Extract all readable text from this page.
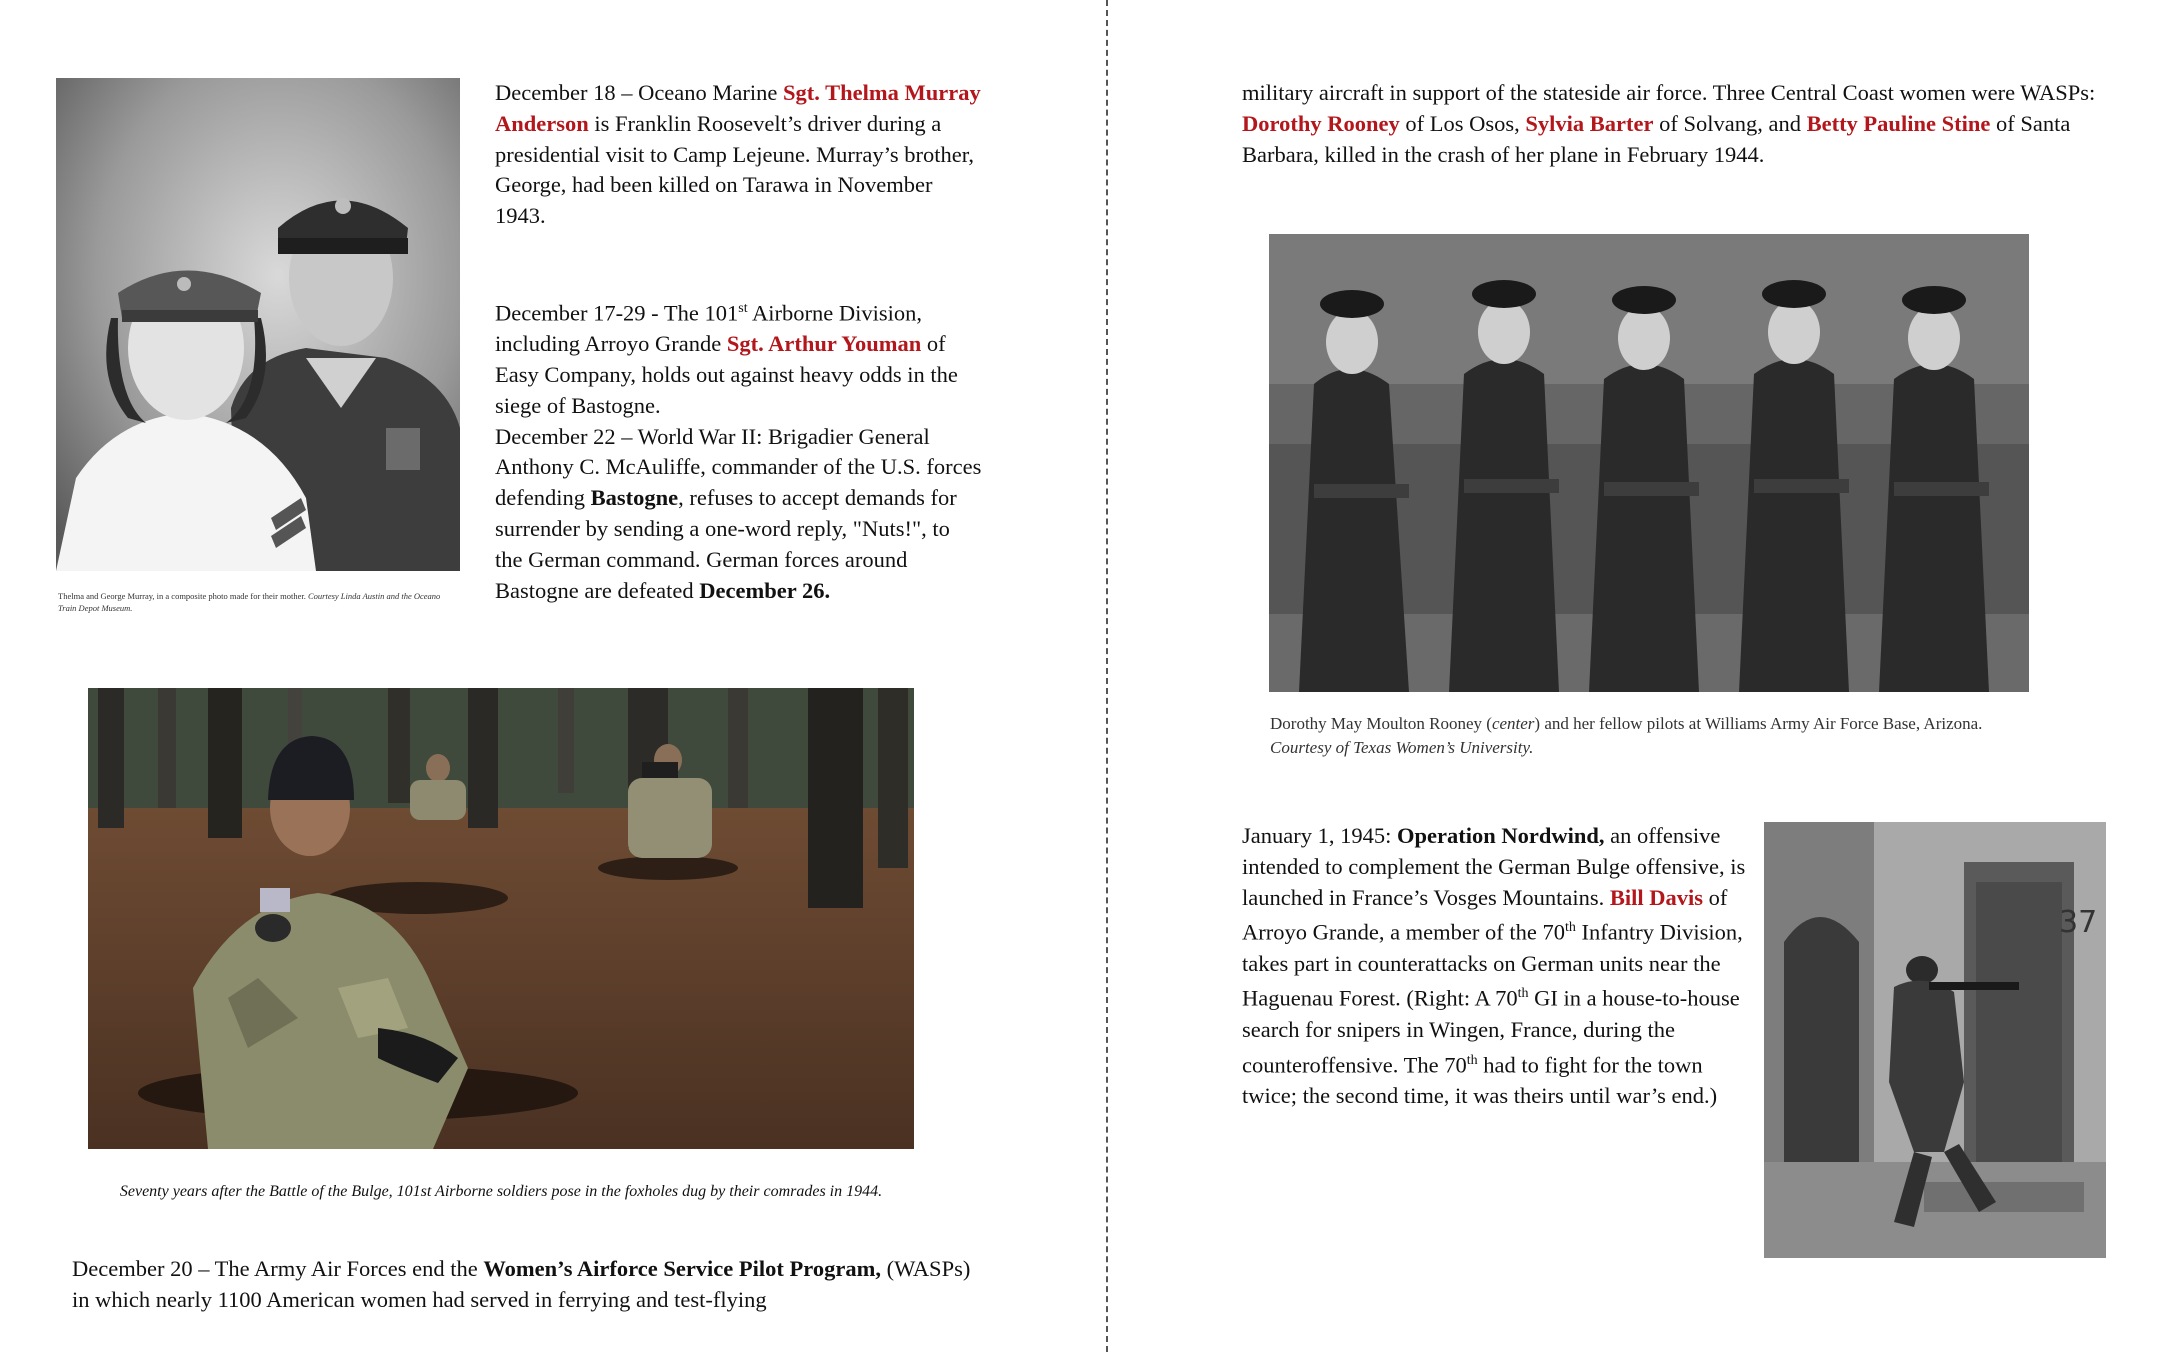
Thelma and George Murray, in a composite photo made for their mother. Courtesy Linda Austin and the Oceano Train Depot Museum.
December 18 – Oceano Marine Sgt. Thelma Murray Anderson is Franklin Roosevelt’s driver during a presidential visit to Camp Lejeune. Murray’s brother, George, had been killed on Tarawa in November 1943.

December 17-29 - The 101st Airborne Division, including Arroyo Grande Sgt. Arthur Youman of Easy Company, holds out against heavy odds in the siege of Bastogne.

December 22 – World War II: Brigadier General Anthony C. McAuliffe, commander of the U.S. forces defending Bastogne, refuses to accept demands for surrender by sending a one-word reply, "Nuts!", to the German command. German forces around Bastogne are defeated December 26.

Seventy years after the Battle of the Bulge, 101st Airborne soldiers pose in the foxholes dug by their comrades in 1944.
December 20 – The Army Air Forces end the Women’s Airforce Service Pilot Program, (WASPs) in which nearly 1100 American women had served in ferrying and test-flying
military aircraft in support of the stateside air force. Three Central Coast women were WASPs: Dorothy Rooney of Los Osos, Sylvia Barter of Solvang, and Betty Pauline Stine of Santa Barbara, killed in the crash of her plane in February 1944.
Dorothy May Moulton Rooney (center) and her fellow pilots at Williams Army Air Force Base, Arizona. Courtesy of Texas Women’s University.
January 1, 1945: Operation Nordwind, an offensive intended to complement the German Bulge offensive, is launched in France’s Vosges Mountains. Bill Davis of Arroyo Grande, a member of the 70th Infantry Division, takes part in counterattacks on German units near the Haguenau Forest. (Right: A 70th GI in a house-to-house search for snipers in Wingen, France, during the counteroffensive. The 70th had to fight for the town twice; the second time, it was theirs until war’s end.)
37
